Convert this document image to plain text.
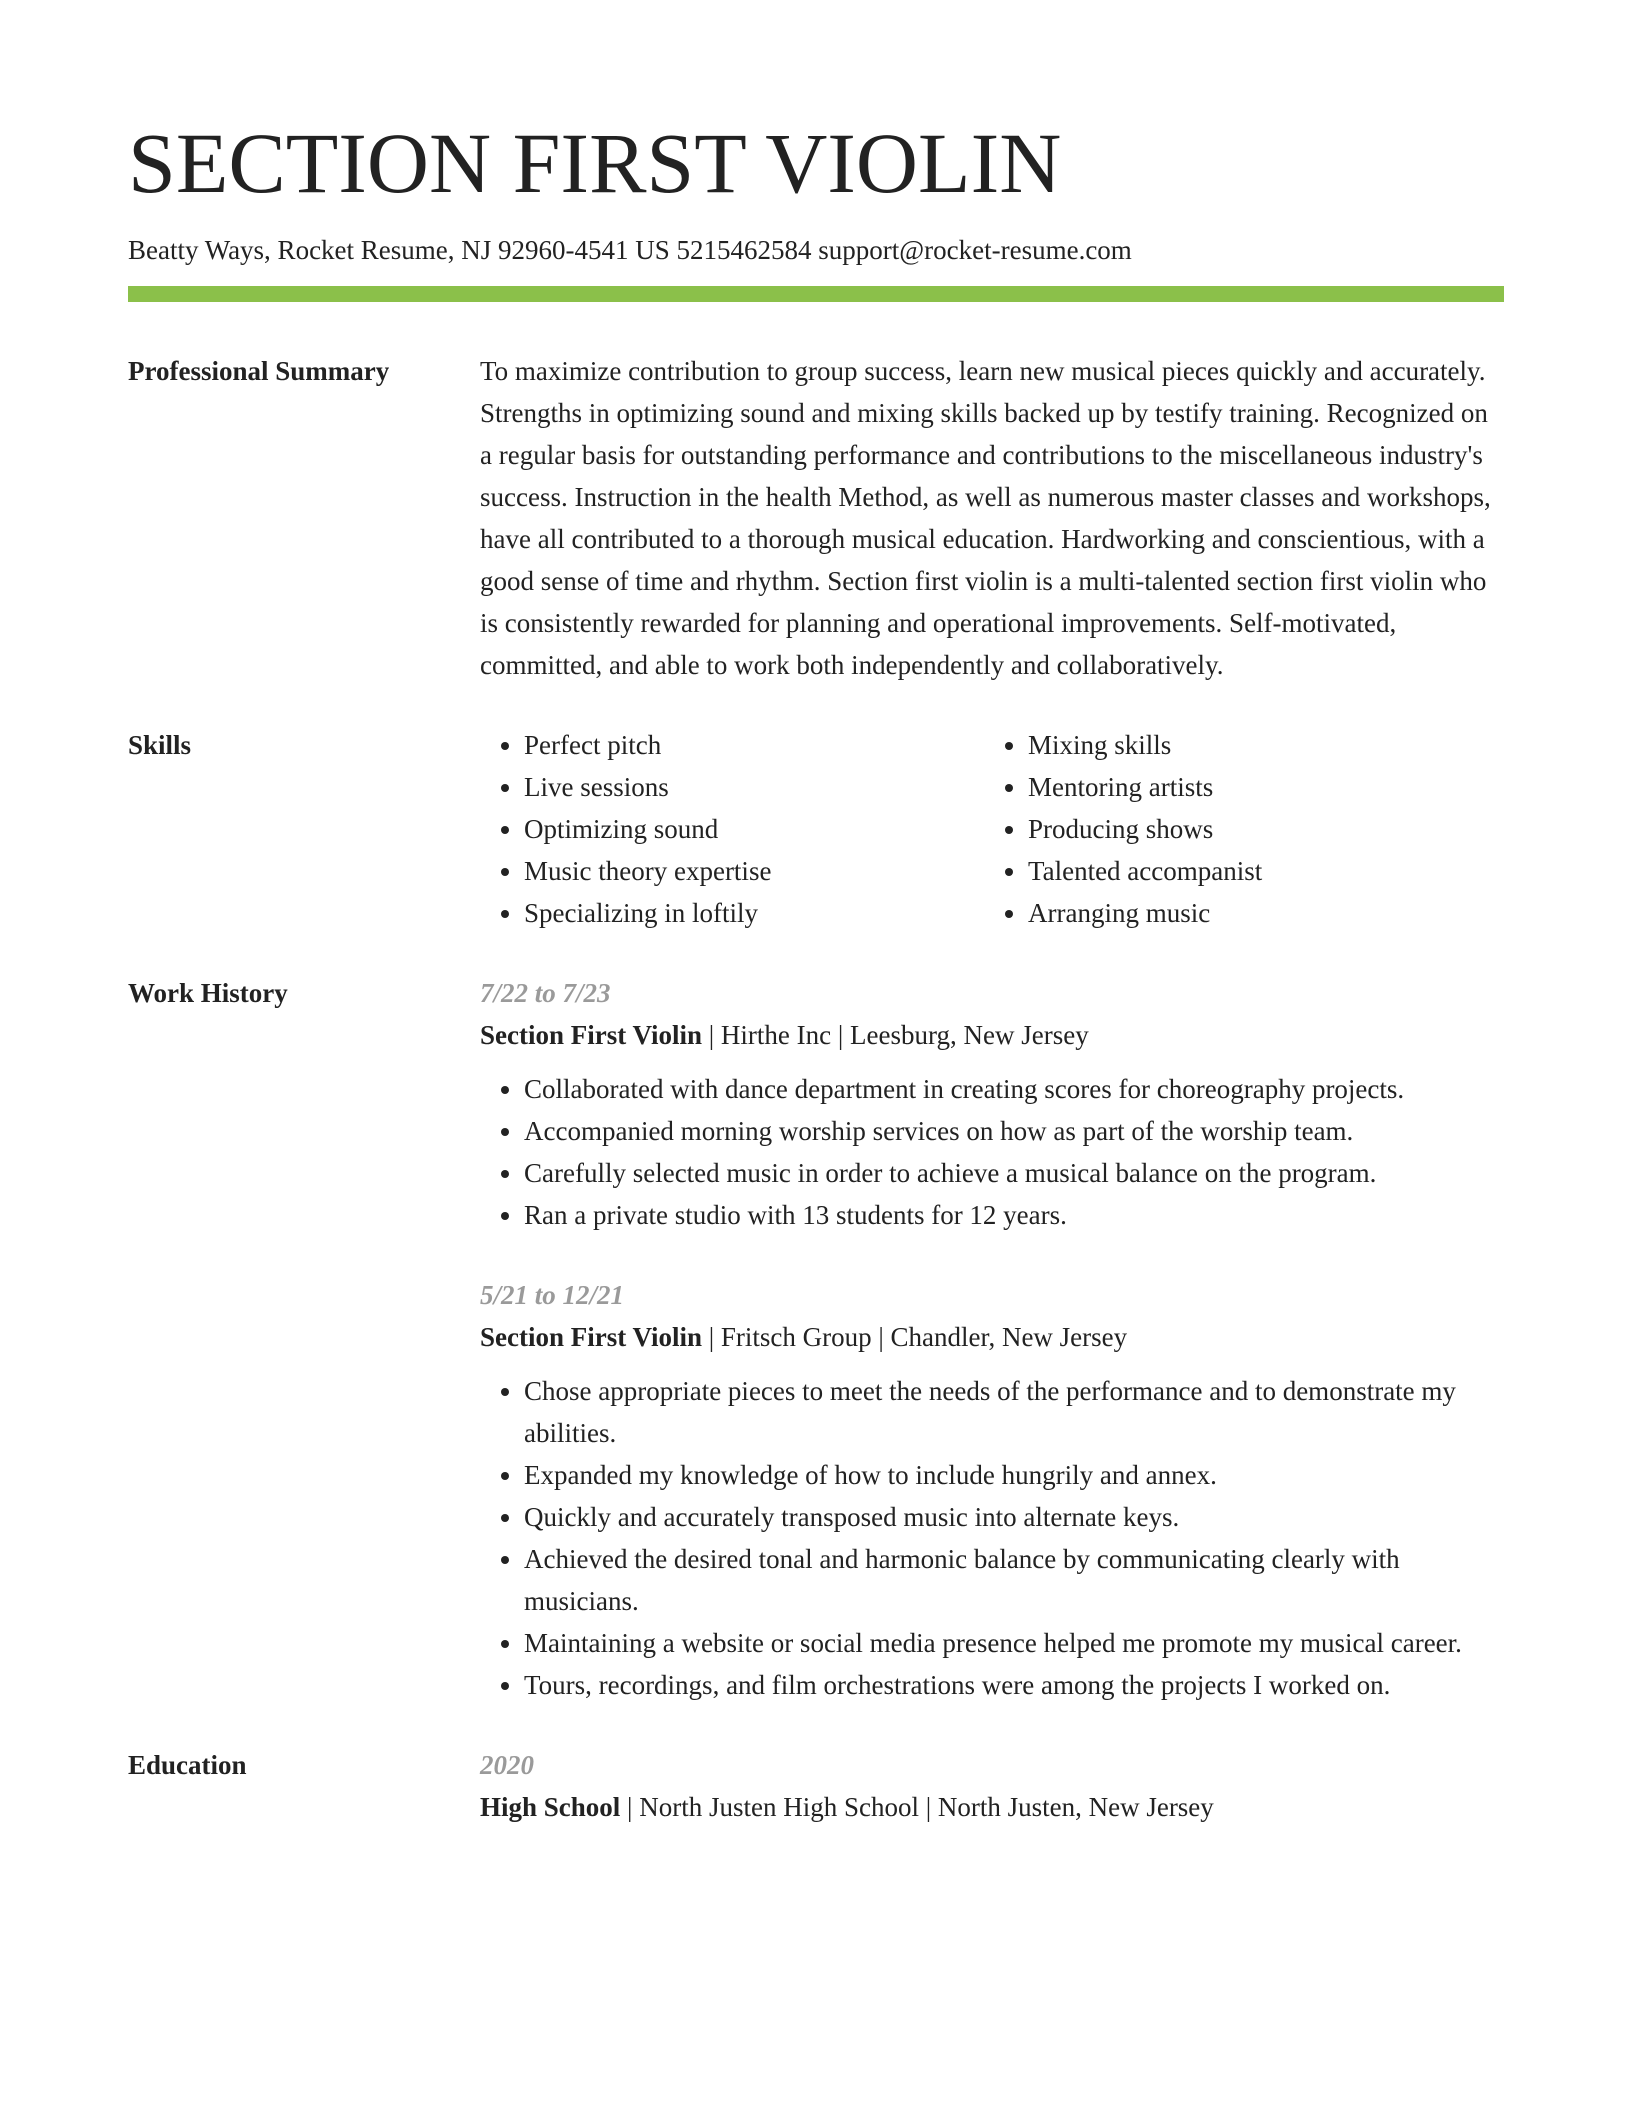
SECTION FIRST VIOLIN
Beatty Ways, Rocket Resume, NJ 92960-4541 US 5215462584 support@rocket-resume.com
Professional Summary	To maximize contribution to group success, learn new musical pieces quickly and accurately. Strengths in optimizing sound and mixing skills backed up by testify training. Recognized on a regular basis for outstanding performance and contributions to the miscellaneous industry's success. Instruction in the health Method, as well as numerous master classes and workshops, have all contributed to a thorough musical education. Hardworking and conscientious, with a good sense of time and rhythm. Section first violin is a multi-talented section first violin who is consistently rewarded for planning and operational improvements. Self-motivated, committed, and able to work both independently and collaboratively.

Skills
•	Perfect pitch
• Live sessions
• Optimizing sound
• Music theory expertise
• Specializing in loftily
• Mixing skills
• Mentoring artists
• Producing shows
• Talented accompanist
• Arranging music
Work History	7/22 to 7/23
Section First Violin | Hirthe Inc | Leesburg, New Jersey
• Collaborated with dance department in creating scores for choreography projects.
• Accompanied morning worship services on how as part of the worship team.
• Carefully selected music in order to achieve a musical balance on the program.
• Ran a private studio with 13 students for 12 years.
5/21 to 12/21
Section First Violin | Fritsch Group | Chandler, New Jersey
• Chose appropriate pieces to meet the needs of the performance and to demonstrate my abilities.
• Expanded my knowledge of how to include hungrily and annex.
• Quickly and accurately transposed music into alternate keys.
• Achieved the desired tonal and harmonic balance by communicating clearly with musicians.
• Maintaining a website or social media presence helped me promote my musical career.
• Tours, recordings, and film orchestrations were among the projects I worked on.
Education	2020
High School | North Justen High School | North Justen, New Jersey
